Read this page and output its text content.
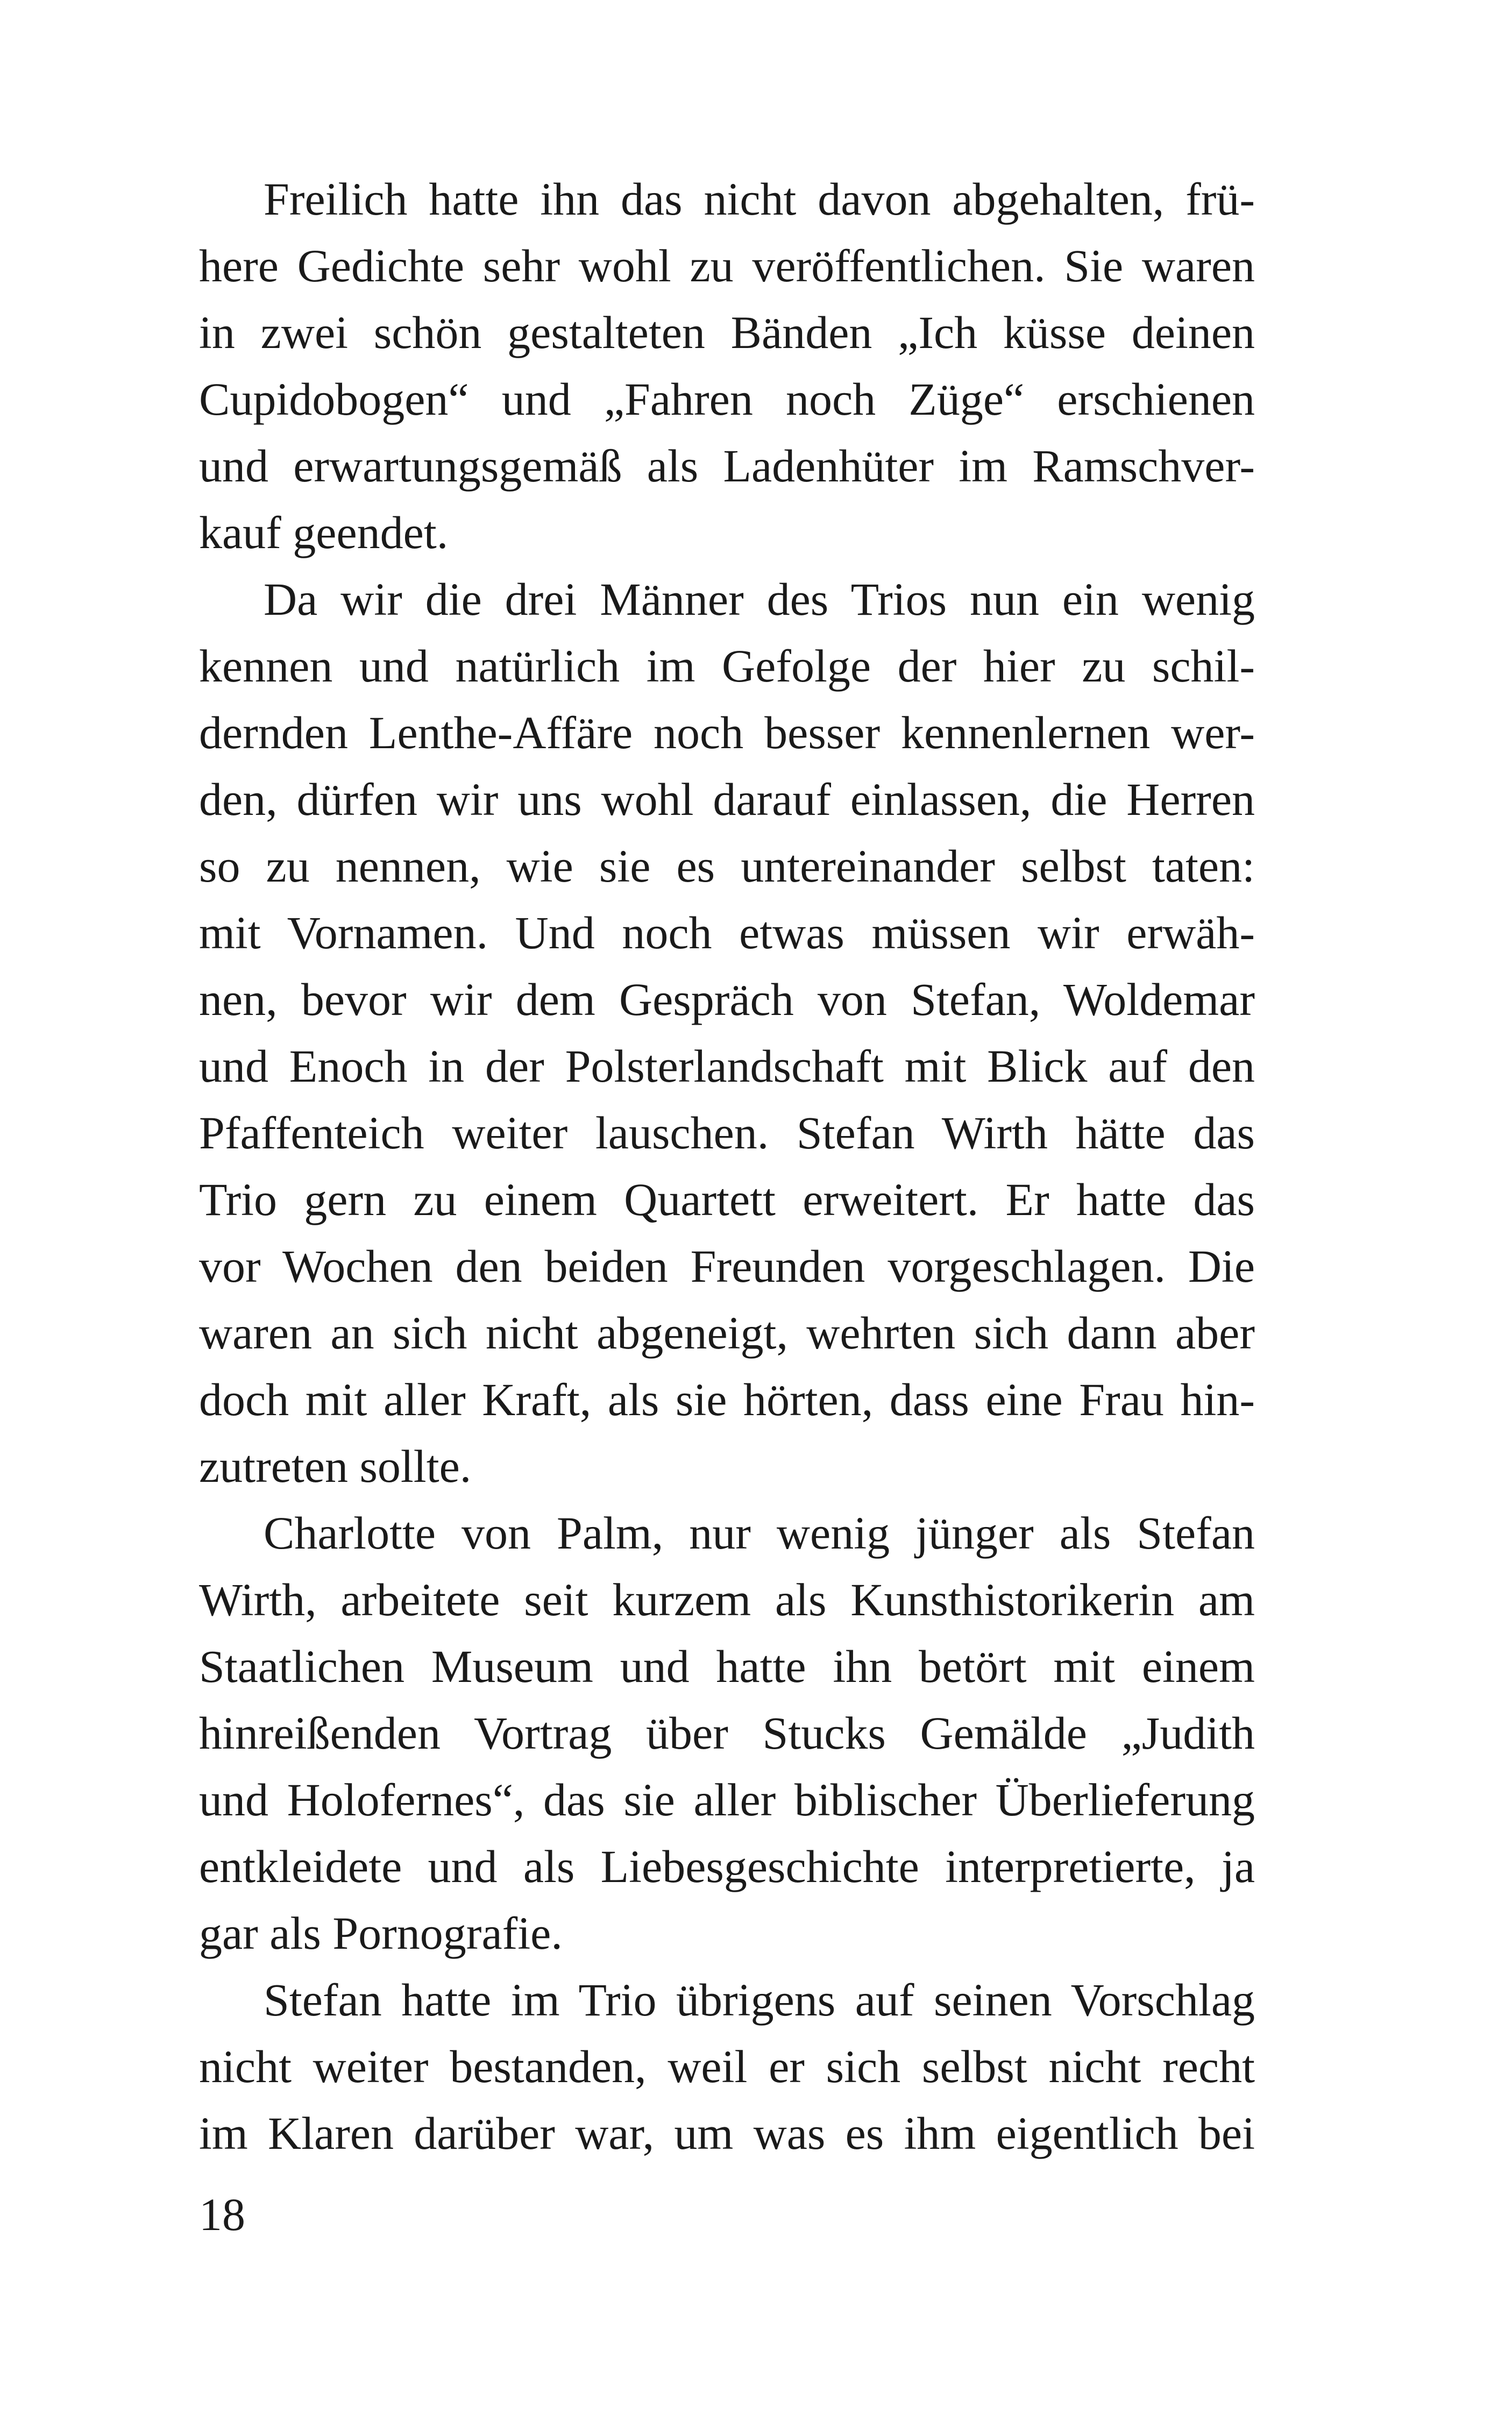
Freilich hatte ihn das nicht davon abgehalten, frü-
here Gedichte sehr wohl zu veröffentlichen. Sie waren
in zwei schön gestalteten Bänden „Ich küsse deinen
Cupidobogen“ und „Fahren noch Züge“ erschienen
und erwartungsgemäß als Ladenhüter im Ramschver-
kauf geendet.
Da wir die drei Männer des Trios nun ein wenig
kennen und natürlich im Gefolge der hier zu schil-
dernden Lenthe-Affäre noch besser kennenlernen wer-
den, dürfen wir uns wohl darauf einlassen, die Herren
so zu nennen, wie sie es untereinander selbst taten:
mit Vornamen. Und noch etwas müssen wir erwäh-
nen, bevor wir dem Gespräch von Stefan, Woldemar
und Enoch in der Polsterlandschaft mit Blick auf den
Pfaffenteich weiter lauschen. Stefan Wirth hätte das
Trio gern zu einem Quartett erweitert. Er hatte das
vor Wochen den beiden Freunden vorgeschlagen. Die
waren an sich nicht abgeneigt, wehrten sich dann aber
doch mit aller Kraft, als sie hörten, dass eine Frau hin-
zutreten sollte.
Charlotte von Palm, nur wenig jünger als Stefan
Wirth, arbeitete seit kurzem als Kunsthistorikerin am
Staatlichen Museum und hatte ihn betört mit einem
hinreißenden Vortrag über Stucks Gemälde „Judith
und Holofernes“, das sie aller biblischer Überlieferung
entkleidete und als Liebesgeschichte interpretierte, ja
gar als Pornografie.
Stefan hatte im Trio übrigens auf seinen Vorschlag
nicht weiter bestanden, weil er sich selbst nicht recht
im Klaren darüber war, um was es ihm eigentlich bei
18
